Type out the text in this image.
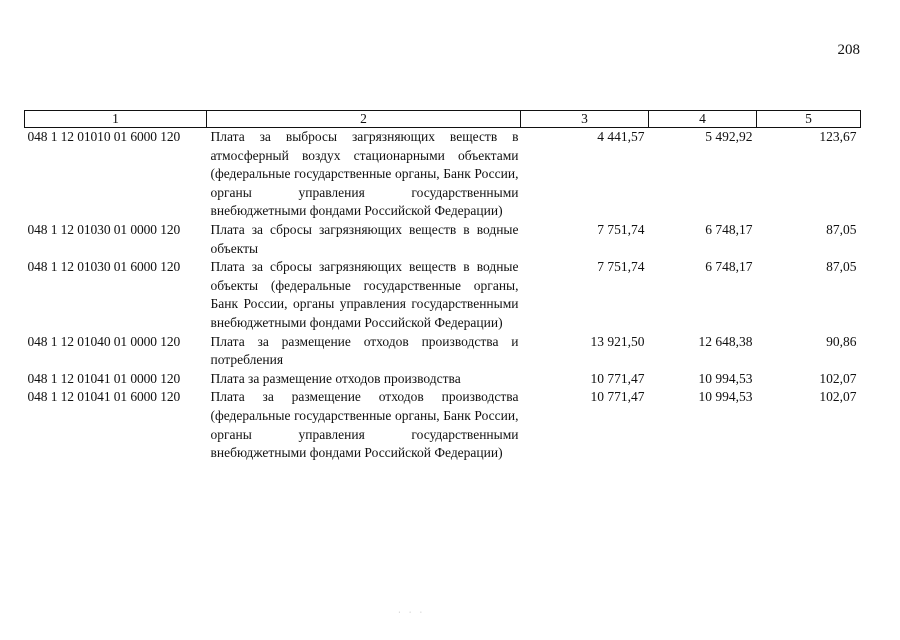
208
1	2	3	4	5
048 1 12 01010 01 6000 120	Плата за выбросы загрязняющих веществ в атмосферный воздух стационарными объектами (федеральные государственные органы, Банк России, органы управления государственными внебюджетными фондами Российской Федерации)	4 441,57	5 492,92	123,67
048 1 12 01030 01 0000 120	Плата за сбросы загрязняющих веществ в водные объекты	7 751,74	6 748,17	87,05
048 1 12 01030 01 6000 120	Плата за сбросы загрязняющих веществ в водные объекты (федеральные государственные органы, Банк России, органы управления государственными внебюджетными фондами Российской Федерации)	7 751,74	6 748,17	87,05
048 1 12 01040 01 0000 120	Плата за размещение отходов производства и потребления	13 921,50	12 648,38	90,86
048 1 12 01041 01 0000 120	Плата за размещение отходов производства	10 771,47	10 994,53	102,07
048 1 12 01041 01 6000 120	Плата за размещение отходов производства (федеральные государственные органы, Банк России, органы управления государственными внебюджетными фондами Российской Федерации)	10 771,47	10 994,53	102,07
⋅ ⋅ ⋅
